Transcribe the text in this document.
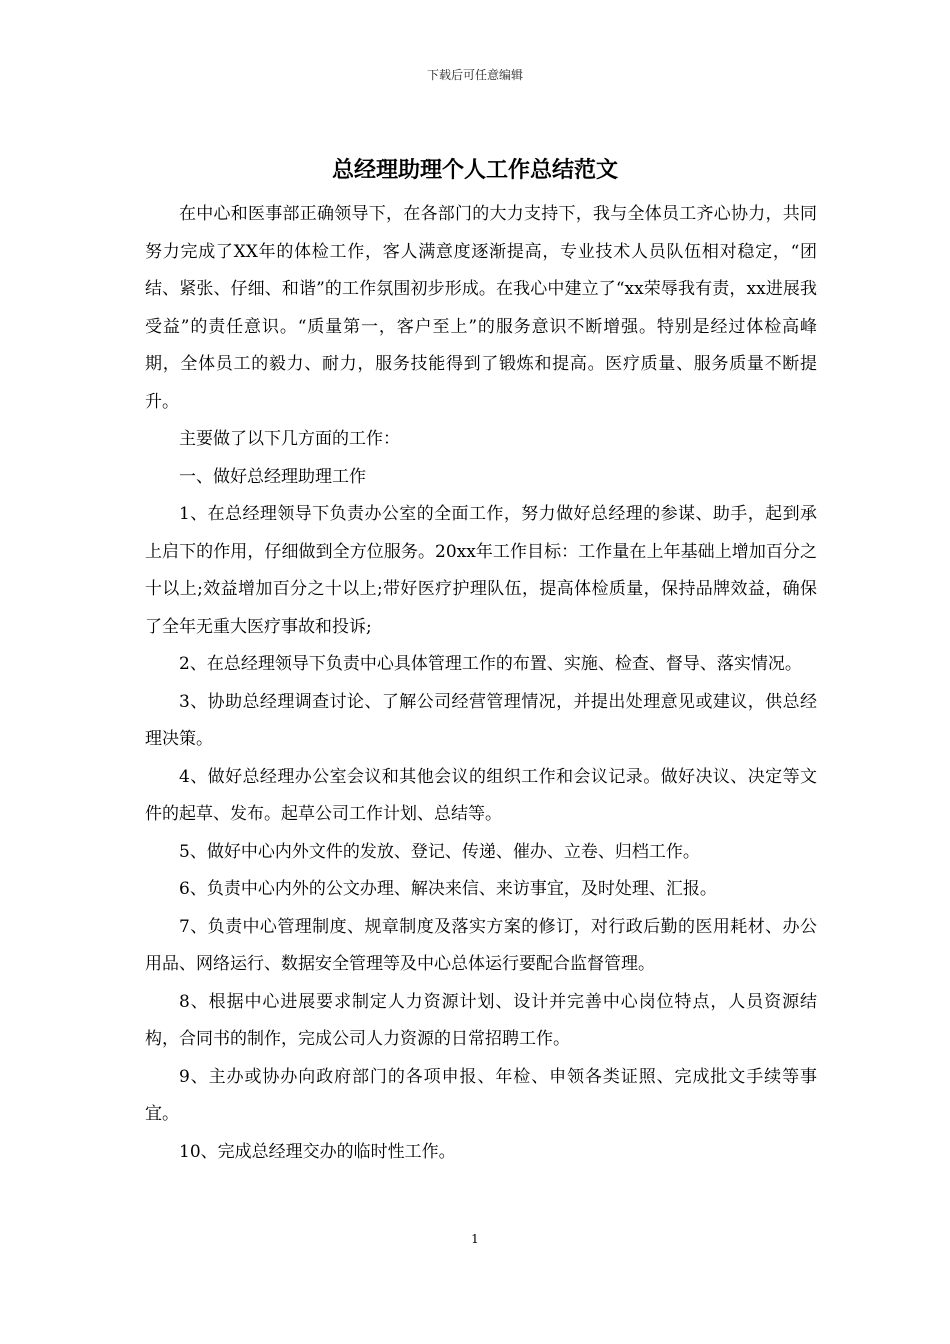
下载后可任意编辑
总经理助理个人工作总结范文

在中心和医事部正确领导下，在各部门的大力支持下，我与全体员工齐心协力，共同努力完成了XX年的体检工作，客人满意度逐渐提高，专业技术人员队伍相对稳定，“团结、紧张、仔细、和谐”的工作氛围初步形成。在我心中建立了“xx荣辱我有责，xx进展我受益”的责任意识。“质量第一，客户至上”的服务意识不断增强。特别是经过体检高峰期，全体员工的毅力、耐力，服务技能得到了锻炼和提高。医疗质量、服务质量不断提升。

主要做了以下几方面的工作：

一、做好总经理助理工作

1、在总经理领导下负责办公室的全面工作，努力做好总经理的参谋、助手，起到承上启下的作用，仔细做到全方位服务。20xx年工作目标：工作量在上年基础上增加百分之十以上;效益增加百分之十以上;带好医疗护理队伍，提高体检质量，保持品牌效益，确保了全年无重大医疗事故和投诉;

2、在总经理领导下负责中心具体管理工作的布置、实施、检查、督导、落实情况。

3、协助总经理调查讨论、了解公司经营管理情况，并提出处理意见或建议，供总经理决策。

4、做好总经理办公室会议和其他会议的组织工作和会议记录。做好决议、决定等文件的起草、发布。起草公司工作计划、总结等。

5、做好中心内外文件的发放、登记、传递、催办、立卷、归档工作。

6、负责中心内外的公文办理、解决来信、来访事宜，及时处理、汇报。

7、负责中心管理制度、规章制度及落实方案的修订，对行政后勤的医用耗材、办公用品、网络运行、数据安全管理等及中心总体运行要配合监督管理。

8、根据中心进展要求制定人力资源计划、设计并完善中心岗位特点，人员资源结构，合同书的制作，完成公司人力资源的日常招聘工作。

9、主办或协办向政府部门的各项申报、年检、申领各类证照、完成批文手续等事宜。

10、完成总经理交办的临时性工作。

1
